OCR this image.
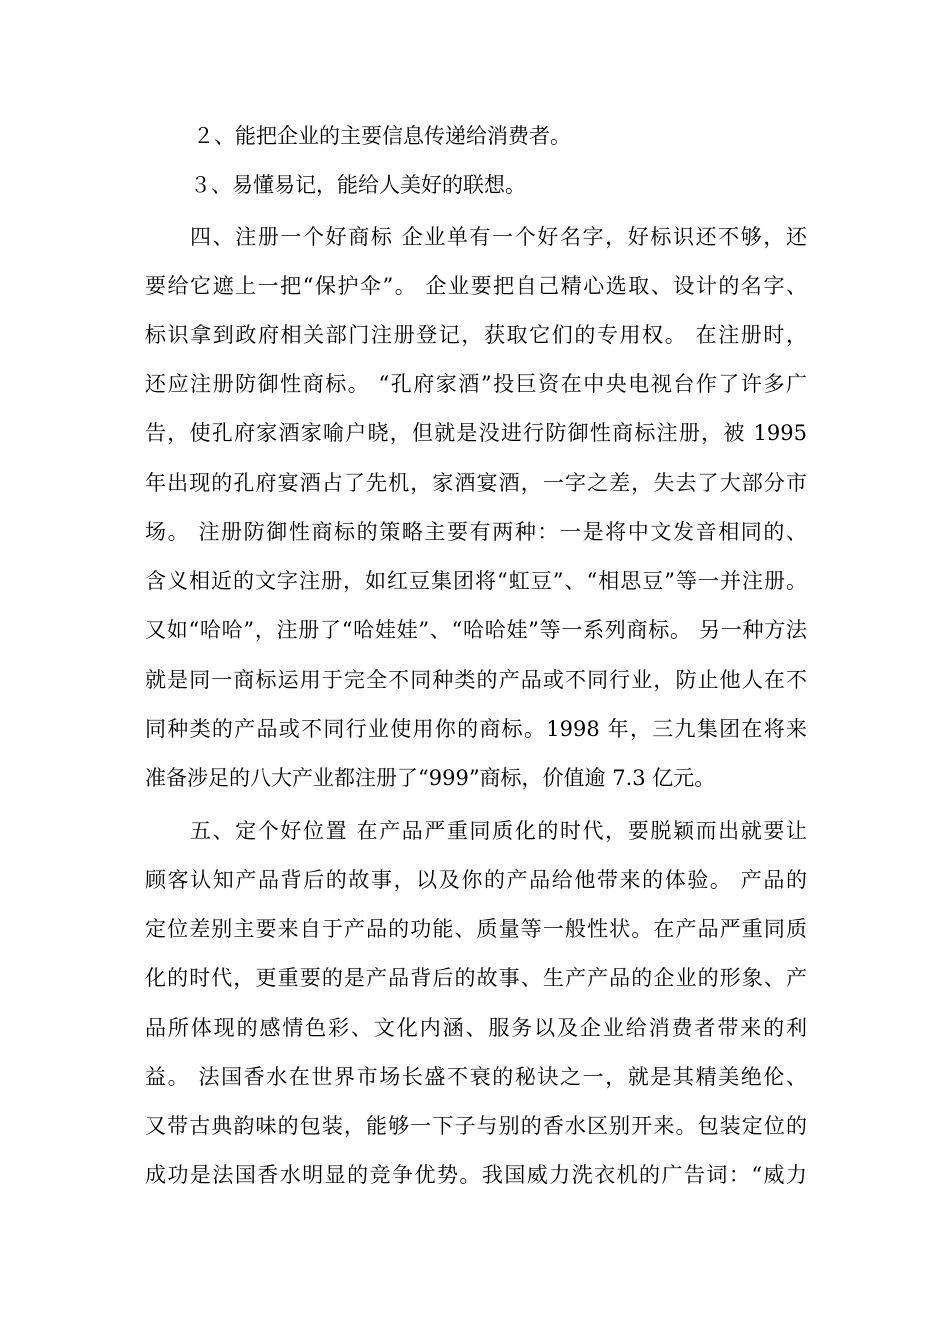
２、能把企业的主要信息传递给消费者。
３、易懂易记，能给人美好的联想。
四、注册一个好商标 企业单有一个好名字，好标识还不够，还
要给它遮上一把“保护伞”。 企业要把自己精心选取、设计的名字、
标识拿到政府相关部门注册登记，获取它们的专用权。 在注册时，
还应注册防御性商标。 “孔府家酒”投巨资在中央电视台作了许多广
告，使孔府家酒家喻户晓，但就是没进行防御性商标注册，被 1995
年出现的孔府宴酒占了先机，家酒宴酒，一字之差，失去了大部分市
场。 注册防御性商标的策略主要有两种：一是将中文发音相同的、
含义相近的文字注册，如红豆集团将“虹豆”、“相思豆”等一并注册。
又如“哈哈”，注册了“哈娃娃”、“哈哈娃”等一系列商标。 另一种方法
就是同一商标运用于完全不同种类的产品或不同行业，防止他人在不
同种类的产品或不同行业使用你的商标。1998 年，三九集团在将来
准备涉足的八大产业都注册了“999”商标，价值逾 7.3 亿元。
五、定个好位置 在产品严重同质化的时代，要脱颖而出就要让
顾客认知产品背后的故事，以及你的产品给他带来的体验。 产品的
定位差别主要来自于产品的功能、质量等一般性状。在产品严重同质
化的时代，更重要的是产品背后的故事、生产产品的企业的形象、产
品所体现的感情色彩、文化内涵、服务以及企业给消费者带来的利
益。 法国香水在世界市场长盛不衰的秘诀之一，就是其精美绝伦、
又带古典韵味的包装，能够一下子与别的香水区别开来。包装定位的
成功是法国香水明显的竞争优势。我国威力洗衣机的广告词：“威力
